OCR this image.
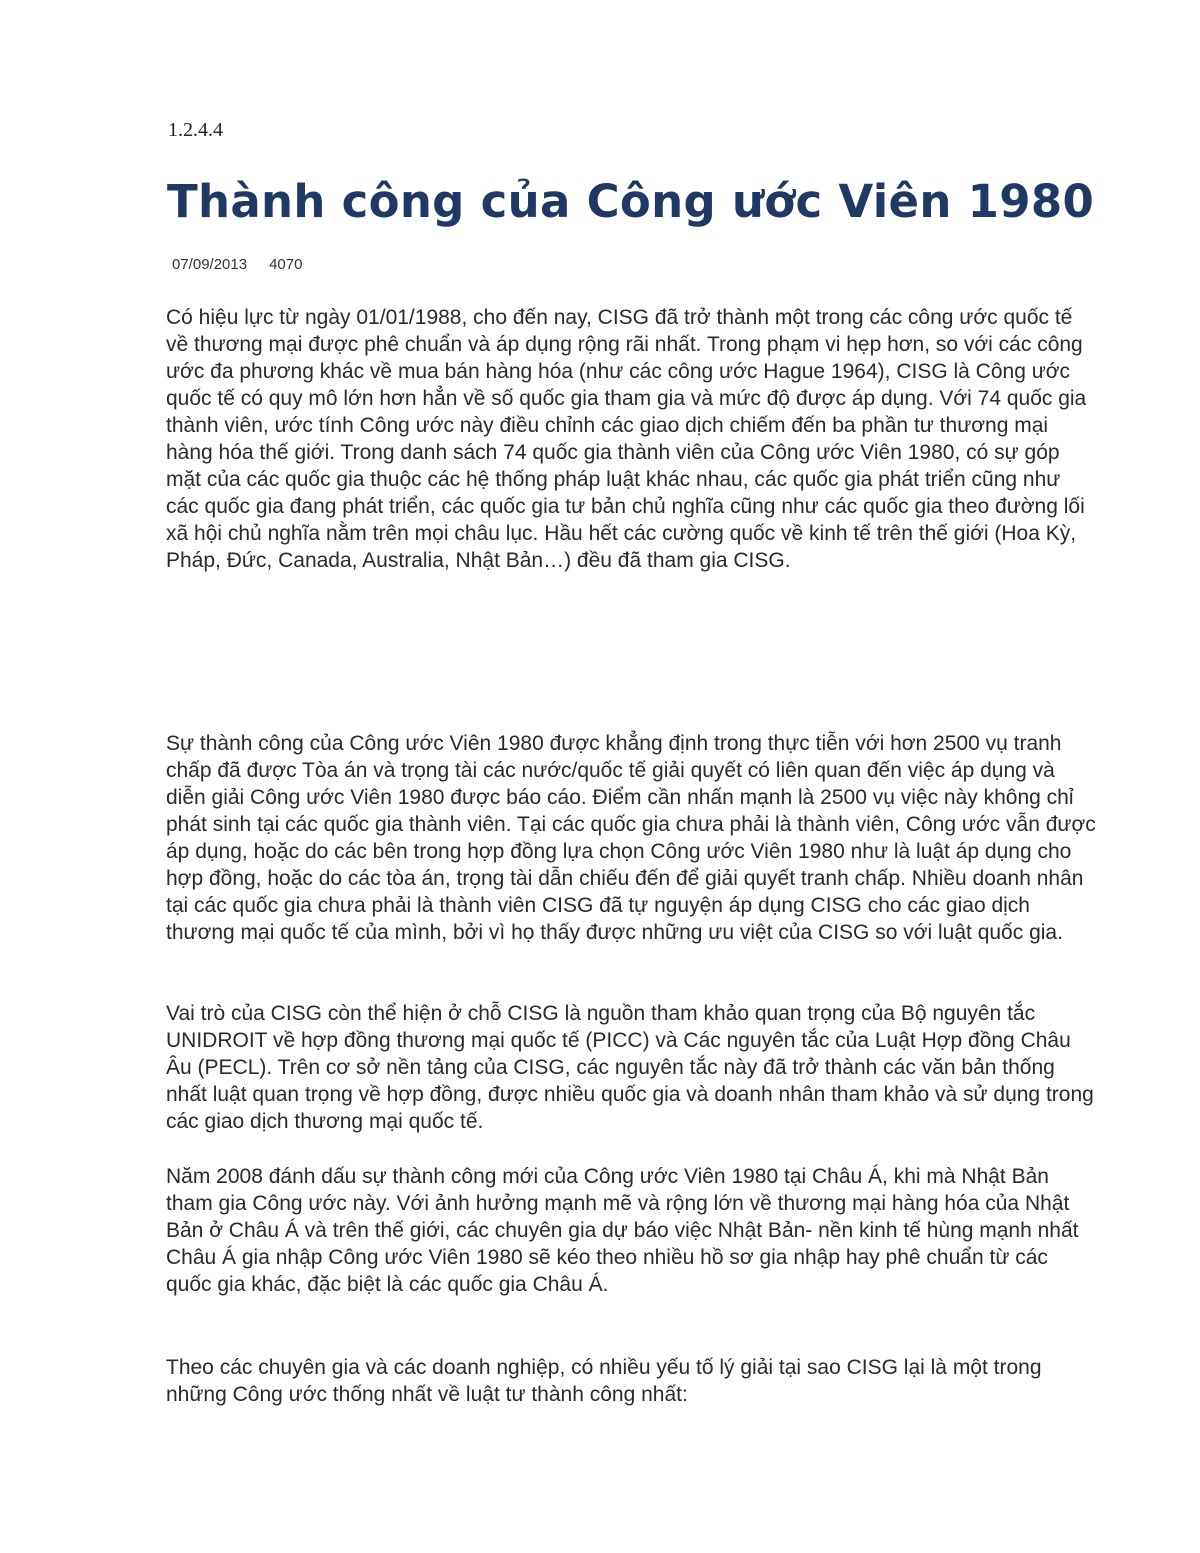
1.2.4.4

Thành công của Công ước Viên 1980

07/09/2013 4070

Có hiệu lực từ ngày 01/01/1988, cho đến nay, CISG đã trở thành một trong các công ước quốc tế về thương mại được phê chuẩn và áp dụng rộng rãi nhất. Trong phạm vi hẹp hơn, so với các công ước đa phương khác về mua bán hàng hóa (như các công ước Hague 1964), CISG là Công ước quốc tế có quy mô lớn hơn hẳn về số quốc gia tham gia và mức độ được áp dụng. Với 74 quốc gia thành viên, ước tính Công ước này điều chỉnh các giao dịch chiếm đến ba phần tư thương mại hàng hóa thế giới. Trong danh sách 74 quốc gia thành viên của Công ước Viên 1980, có sự góp mặt của các quốc gia thuộc các hệ thống pháp luật khác nhau, các quốc gia phát triển cũng như các quốc gia đang phát triển, các quốc gia tư bản chủ nghĩa cũng như các quốc gia theo đường lối xã hội chủ nghĩa nằm trên mọi châu lục. Hầu hết các cường quốc về kinh tế trên thế giới (Hoa Kỳ, Pháp, Đức, Canada, Australia, Nhật Bản…) đều đã tham gia CISG.

Sự thành công của Công ước Viên 1980 được khẳng định trong thực tiễn với hơn 2500 vụ tranh chấp đã được Tòa án và trọng tài các nước/quốc tế giải quyết có liên quan đến việc áp dụng và diễn giải Công ước Viên 1980 được báo cáo. Điểm cần nhấn mạnh là 2500 vụ việc này không chỉ phát sinh tại các quốc gia thành viên. Tại các quốc gia chưa phải là thành viên, Công ước vẫn được áp dụng, hoặc do các bên trong hợp đồng lựa chọn Công ước Viên 1980 như là luật áp dụng cho hợp đồng, hoặc do các tòa án, trọng tài dẫn chiếu đến để giải quyết tranh chấp. Nhiều doanh nhân tại các quốc gia chưa phải là thành viên CISG đã tự nguyện áp dụng CISG cho các giao dịch thương mại quốc tế của mình, bởi vì họ thấy được những ưu việt của CISG so với luật quốc gia.

Vai trò của CISG còn thể hiện ở chỗ CISG là nguồn tham khảo quan trọng của Bộ nguyên tắc UNIDROIT về hợp đồng thương mại quốc tế (PICC) và Các nguyên tắc của Luật Hợp đồng Châu Âu (PECL). Trên cơ sở nền tảng của CISG, các nguyên tắc này đã trở thành các văn bản thống nhất luật quan trọng về hợp đồng, được nhiều quốc gia và doanh nhân tham khảo và sử dụng trong các giao dịch thương mại quốc tế.

Năm 2008 đánh dấu sự thành công mới của Công ước Viên 1980 tại Châu Á, khi mà Nhật Bản tham gia Công ước này. Với ảnh hưởng mạnh mẽ và rộng lớn về thương mại hàng hóa của Nhật Bản ở Châu Á và trên thế giới, các chuyên gia dự báo việc Nhật Bản- nền kinh tế hùng mạnh nhất Châu Á gia nhập Công ước Viên 1980 sẽ kéo theo nhiều hồ sơ gia nhập hay phê chuẩn từ các quốc gia khác, đặc biệt là các quốc gia Châu Á.

Theo các chuyên gia và các doanh nghiệp, có nhiều yếu tố lý giải tại sao CISG lại là một trong những Công ước thống nhất về luật tư thành công nhất:
